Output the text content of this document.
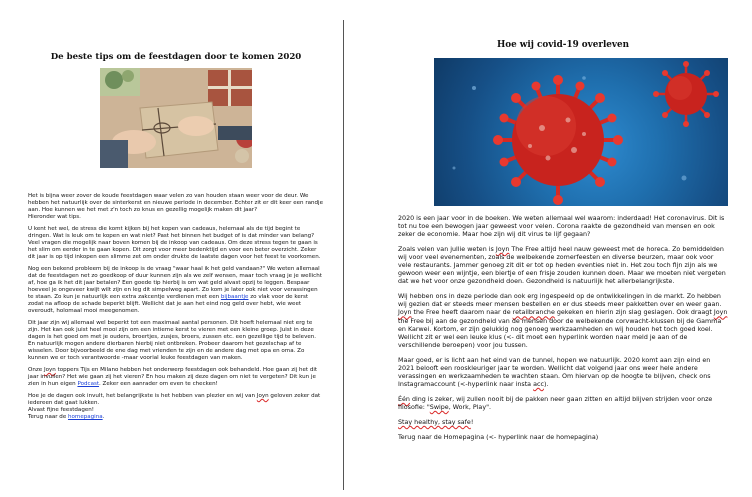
De beste tips om de feestdagen door te komen 2020

Het is bijna weer zover de koude feestdagen waar velen zo van houden staan weer voor de deur. We hebben het natuurlijk over de sinterkerst en nieuwe periode in december. Echter zit er dit keer een randje aan. Hoe kunnen we het met z'n toch zo knus en gezellig mogelijk maken dit jaar?
Hieronder wat tips.

U kent het wel, de stress die komt kijken bij het kopen van cadeaus, helemaal als de tijd begint te dringen. Wat is leuk om te kopen en wat niet? Past het binnen het budget of is dat minder van belang? Veel vragen die mogelijk naar boven komen bij de inkoop van cadeaus. Om deze stress tegen te gaan is het slim om eerder in te gaan kopen. Dit zorgt voor meer bedenktijd en voor een beter overzicht. Zeker dit jaar is op tijd inkopen een slimme zet om onder drukte de laatste dagen voor het feest te voorkomen.

Nog een bekend probleem bij de inkoop is de vraag "waar haal ik het geld vandaan?" We weten allemaal dat de feestdagen net zo goedkoop of duur kunnen zijn als we zelf wensen, maar toch vraag je je wellicht af, hoe ga ik het dit jaar betalen? Een goede tip hierbij is om wat geld alvast opzij te leggen. Bespaar hoeveel je ongeveer kwijt wilt zijn en leg dit simpelweg apart. Zo kom je later ook niet voor verassingen te staan. Zo kun je natuurlijk een extra zakcentje verdienen met een bijbaantje zo vlak voor de kerst zodat na afloop de schade beperkt blijft. Wellicht dat je aan het eind nog geld over hebt, wie weet overoudt, holomaal mooi meegenomen.

Dit jaar zijn wij allemaal wel beperkt tot een maximaal aantal personen. Dit hoeft helemaal niet erg te zijn. Het kan ook juist heel mooi zijn om een intieme kerst te vieren met een kleine groep. Juist in deze dagen is het goed om met je ouders, broertjes, zusjes, broers, zussen etc. een gezellige tijd te beleven. En natuurlijk mogen andere dierbaren hierbij niet ontbreken. Probeer daarom het gezelschap af te wisselen. Door bijvoorbeeld de ene dag met vrienden te zijn en de andere dag met opa en oma. Zo kunnen we er toch verantwoorde -maar voorial leuke feestdagen van maken.

Onze Joyn toppers Tijs en Milano hebben het onderwerp feestdagen ook behandeld. Hoe gaan zij het dit jaar invullen? Het wie gaan zij het vieren? En hou maken zij deze dagen om niet te vergeten? Dit kun je zien in hun eigen Podcast. Zeker een aanrader om even te checken!

Hoe je de dagen ook invult, het belangrijkste is het hebben van plezier en wij van Joyn geloven zeker dat iedereen dat gaat lukken.
Alvast fijne feestdagen!
Terug naar de homepagina.

Hoe wij covid-19 overleven

2020 is een jaar voor in de boeken. We weten allemaal wel waarom: inderdaad! Het coronavirus. Dit is tot nu toe een bewogen jaar geweest voor velen. Corona raakte de gezondheid van mensen en ook zeker de economie. Maar hoe zijn wij dit virus te lijf gegaan?

Zoals velen van jullie weten is Joyn The Free altijd heel nauw geweest met de horeca. Zo bemiddelden wij voor veel evenementen, zoals de welbekende zomerfeesten en diverse beurzen, maar ook voor vele restaurants. Jammer genoeg zit dit er tot op heden eventies niet in. Het zou toch fijn zijn als we gewoon weer een wijntje, een biertje of een frisje zouden kunnen doen. Maar we moeten niet vergeten dat we het voor onze gezondheid doen. Gezondheid is natuurlijk het allerbelangrijkste.

Wij hebben ons in deze periode dan ook erg ingespeeld op de ontwikkelingen in de markt. Zo hebben wij gezien dat er steeds meer mensen bestellen en er dus steeds meer pakketten over en weer gaan. Joyn the Free heeft daarom naar de retailbranche gekeken en hierin zijn slag geslagen. Ook draagt Joyn the Free bij aan de gezondheid van de mensen door de welbekende corvwacht-klussen bij de Gamma en Karwei. Kortom, er zijn gelukkig nog genoeg werkzaamheden en wij houden het toch goed koel. Wellicht zit er wel een leuke klus (<- dit moet een hyperlink worden naar meld je aan of de verschillende beroepen) voor jou tussen.

Maar goed, er is licht aan het eind van de tunnel, hopen we natuurlijk. 2020 komt aan zijn eind en 2021 belooft een rooskleuriger jaar te worden. Wellicht dat volgend jaar ons weer hele andere verassingen en werkzaamheden te wachten staan. Om hiervan op de hoogte te blijven, check ons Instagramaccount (<-hyperlink naar insta acc).

Één ding is zeker, wij zullen nooit bij de pakken neer gaan zitten en altijd blijven strijden voor onze filosofie: "Swipe, Work, Play".

Stay healthy, stay safe!

Terug naar de Homepagina (<- hyperlink naar de homepagina)
